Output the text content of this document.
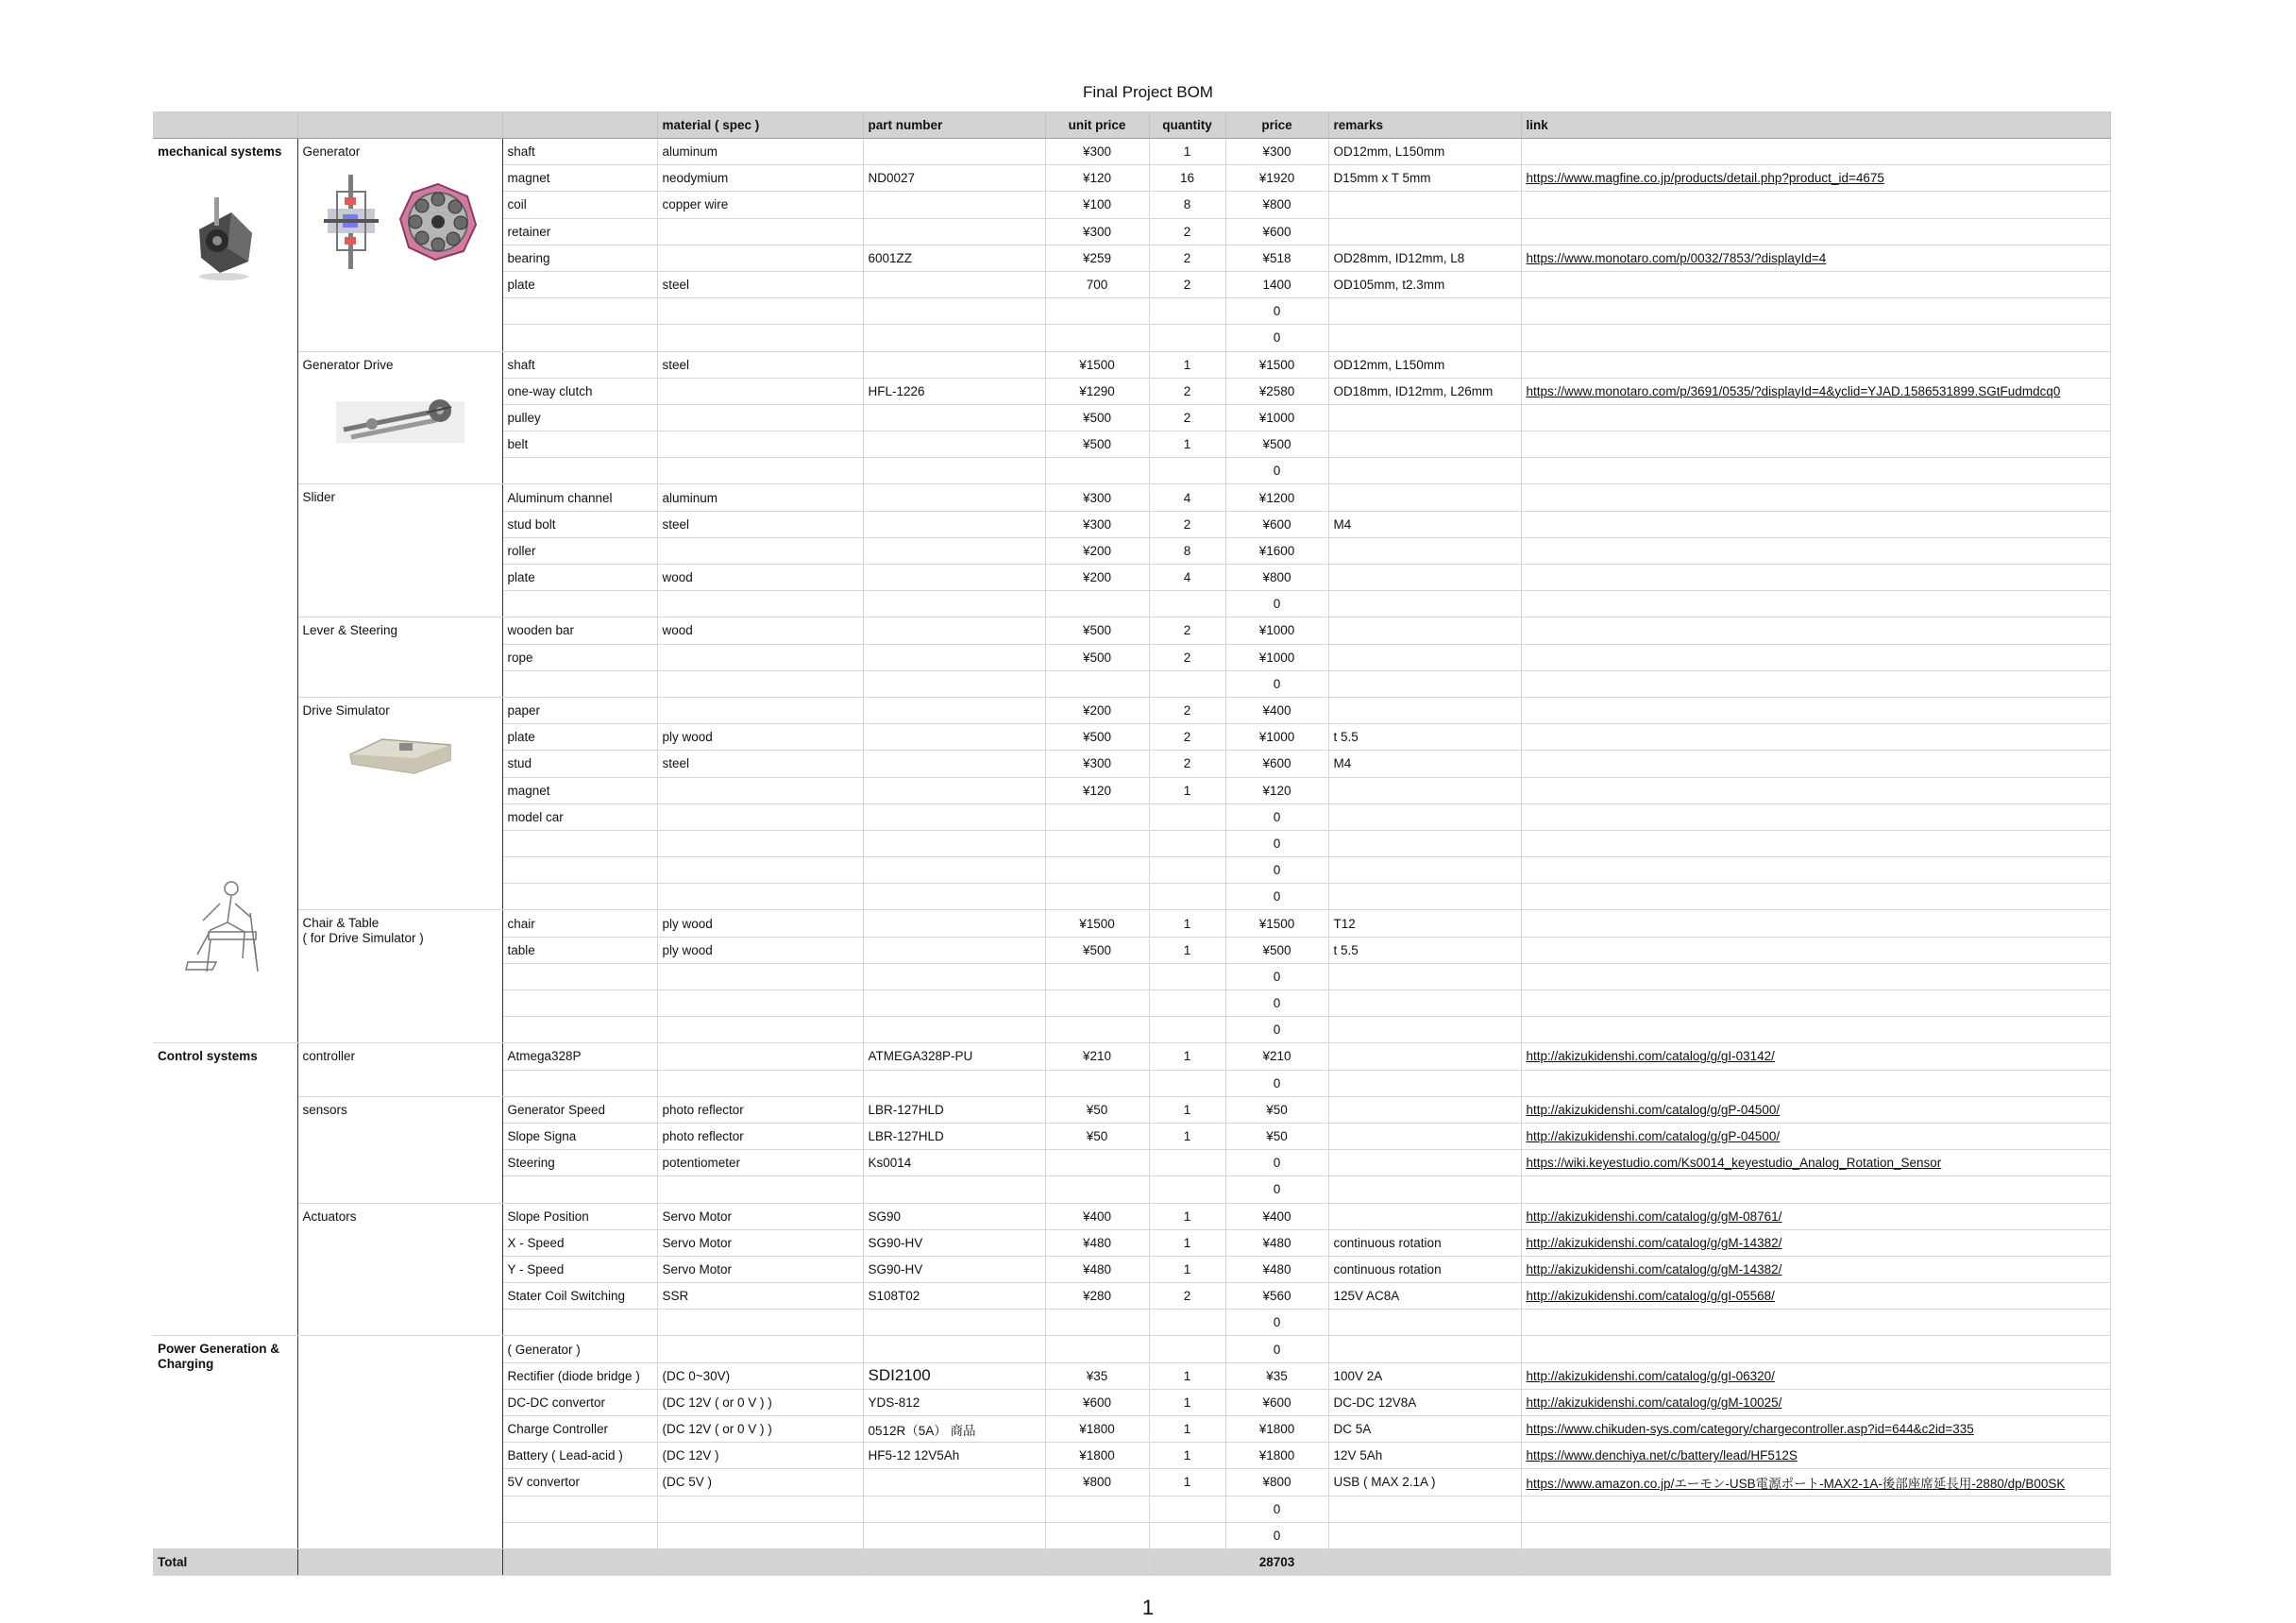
Final Project BOM
			material ( spec )	part number	unit price	quantity	price	remarks	link

mechanical systems	Generator	shaft	aluminum		¥300	1	¥300	OD12mm, L150mm	
		magnet	neodymium	ND0027	¥120	16	¥1920	D15mm x T 5mm	https://www.magfine.co.jp/products/detail.php?product_id=4675
		coil	copper wire		¥100	8	¥800		
		retainer			¥300	2	¥600		
		bearing		6001ZZ	¥259	2	¥518	OD28mm, ID12mm, L8	https://www.monotaro.com/p/0032/7853/?displayId=4
		plate	steel		700	2	1400	OD105mm, t2.3mm	
							0		
							0		

	Generator Drive	shaft	steel		¥1500	1	¥1500	OD12mm, L150mm	
		one-way clutch		HFL-1226	¥1290	2	¥2580	OD18mm, ID12mm, L26mm	https://www.monotaro.com/p/3691/0535/?displayId=4&yclid=YJAD.1586531899.SGtFudmdcq0
		pulley			¥500	2	¥1000		
		belt			¥500	1	¥500		
							0		

	Slider	Aluminum channel	aluminum		¥300	4	¥1200		
		stud bolt	steel		¥300	2	¥600	M4	
		roller			¥200	8	¥1600		
		plate	wood		¥200	4	¥800		
							0		

	Lever & Steering	wooden bar	wood		¥500	2	¥1000		
		rope			¥500	2	¥1000		
							0		

	Drive Simulator	paper			¥200	2	¥400		
		plate	ply wood		¥500	2	¥1000	t 5.5	
		stud	steel		¥300	2	¥600	M4	
		magnet			¥120	1	¥120		
		model car					0		
							0		
							0		
							0		

	Chair & Table
( for Drive Simulator )	chair	ply wood		¥1500	1	¥1500	T12	
		table	ply wood		¥500	1	¥500	t 5.5	
							0		
							0		
							0		

Control systems	controller	Atmega328P		ATMEGA328P-PU	¥210	1	¥210		http://akizukidenshi.com/catalog/g/gI-03142/
							0		

	sensors	Generator Speed	photo reflector	LBR-127HLD	¥50	1	¥50		http://akizukidenshi.com/catalog/g/gP-04500/
		Slope Signa	photo reflector	LBR-127HLD	¥50	1	¥50		http://akizukidenshi.com/catalog/g/gP-04500/
		Steering	potentiometer	Ks0014			0		https://wiki.keyestudio.com/Ks0014_keyestudio_Analog_Rotation_Sensor
							0		

	Actuators	Slope Position	Servo Motor	SG90	¥400	1	¥400		http://akizukidenshi.com/catalog/g/gM-08761/
		X - Speed	Servo Motor	SG90-HV	¥480	1	¥480	continuous rotation	http://akizukidenshi.com/catalog/g/gM-14382/
		Y - Speed	Servo Motor	SG90-HV	¥480	1	¥480	continuous rotation	http://akizukidenshi.com/catalog/g/gM-14382/
		Stater Coil Switching	SSR	S108T02	¥280	2	¥560	125V AC8A	http://akizukidenshi.com/catalog/g/gI-05568/
							0		

Power Generation &
Charging		( Generator )					0		
		Rectifier (diode bridge )	(DC 0~30V)	SDI2100	¥35	1	¥35	100V 2A	http://akizukidenshi.com/catalog/g/gI-06320/
		DC-DC convertor	(DC 12V ( or 0 V ) )	YDS-812	¥600	1	¥600	DC-DC 12V8A	http://akizukidenshi.com/catalog/g/gM-10025/
		Charge Controller	(DC 12V ( or 0 V ) )	0512R（5A） 商品	¥1800	1	¥1800	DC 5A	https://www.chikuden-sys.com/category/chargecontroller.asp?id=644&c2id=335
		Battery ( Lead-acid )	(DC 12V )	HF5-12 12V5Ah	¥1800	1	¥1800	12V 5Ah	https://www.denchiya.net/c/battery/lead/HF512S
		5V convertor	(DC 5V )		¥800	1	¥800	USB ( MAX 2.1A )	https://www.amazon.co.jp/エーモン-USB電源ポート-MAX2-1A-後部座席延長用-2880/dp/B00SK
							0		
							0		
Total							28703		
1
